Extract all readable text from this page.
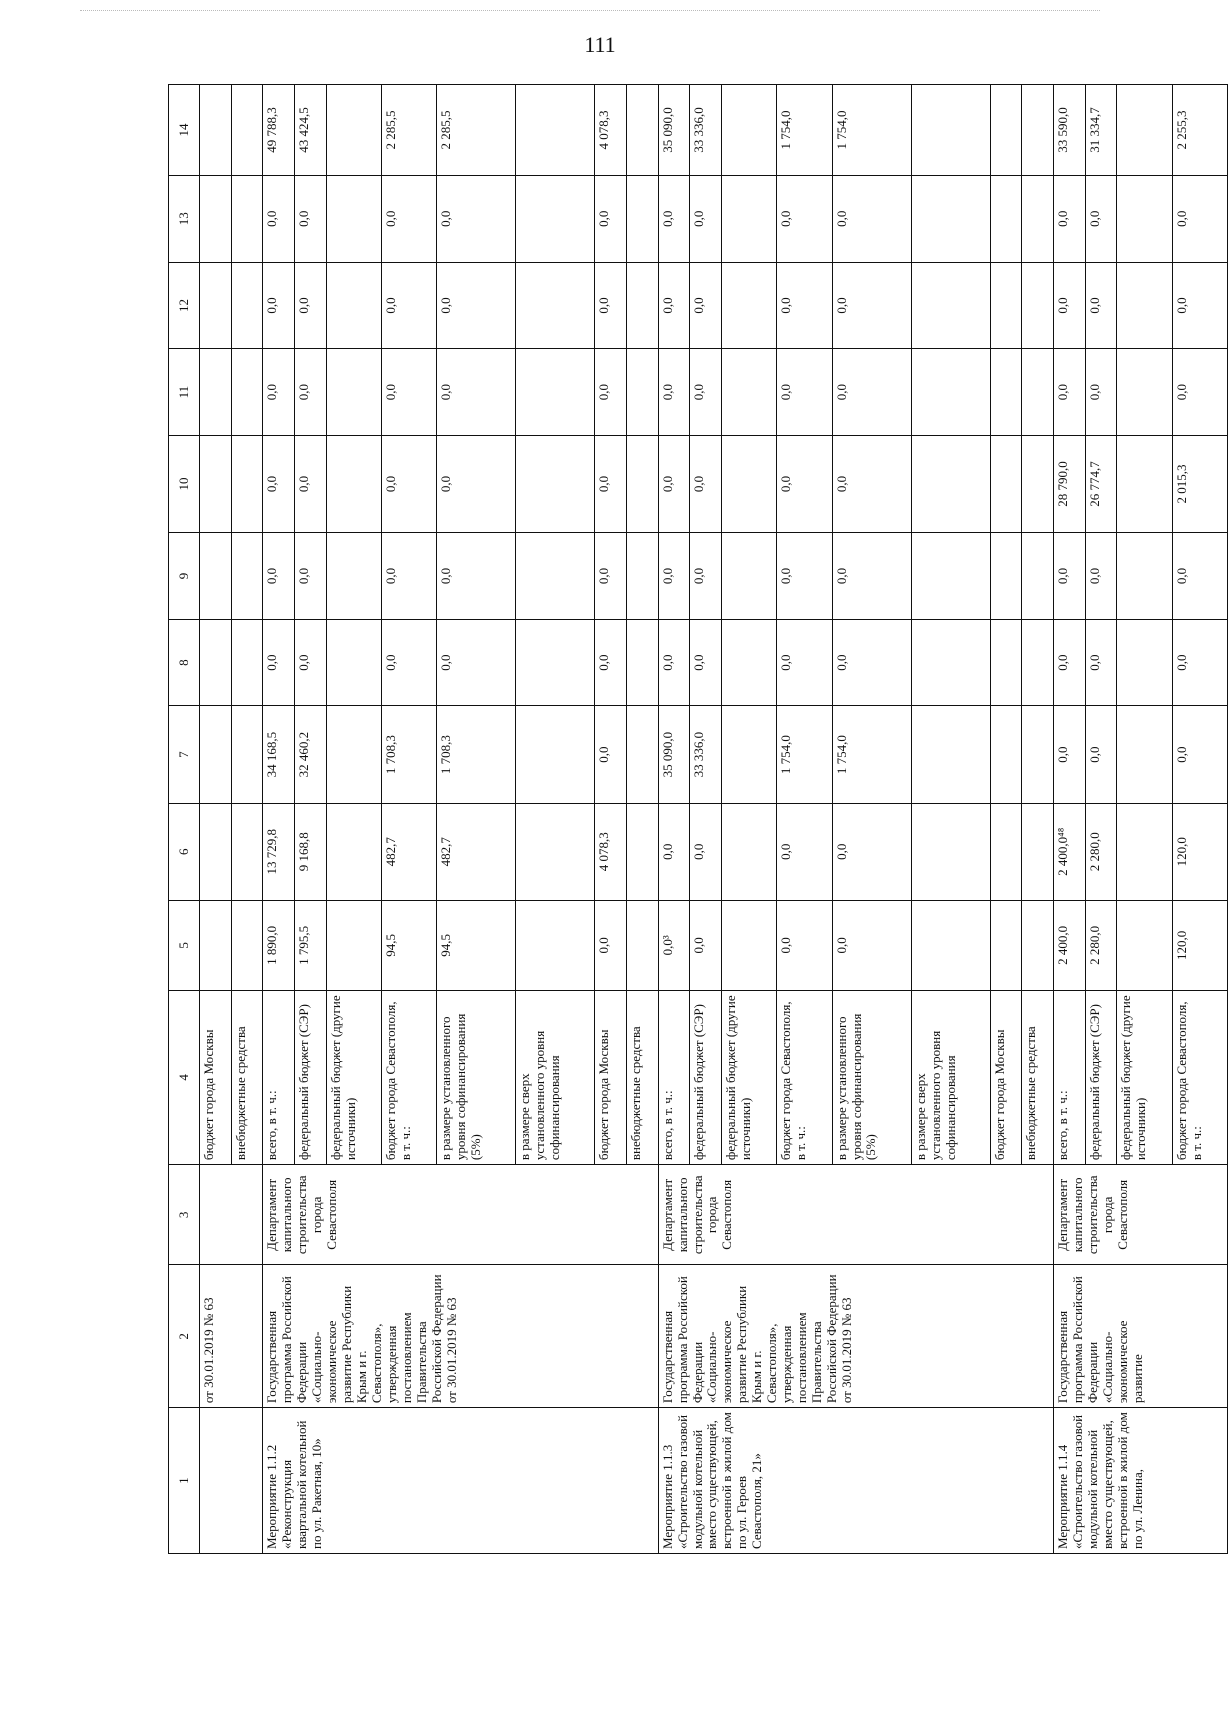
111
1	2	3	4	5	6	7	8	9	10	11	12	13	14
	от 30.01.2019 № 63		бюджет города Москвы										
			внебюджетные средства										
Мероприятие 1.1.2 «Реконструкция квартальной котельной по ул. Ракетная, 10»	Государственная программа Российской Федерации «Социально-экономическое развитие Республики Крым и г. Севастополя», утвержденная постановлением Правительства Российской Федерации от 30.01.2019 № 63	Департамент капитального строительства города Севастополя	всего, в т. ч.:	1 890,0	13 729,8	34 168,5	0,0	0,0	0,0	0,0	0,0	0,0	49 788,3
			федеральный бюджет (СЭР)	1 795,5	9 168,8	32 460,2	0,0	0,0	0,0	0,0	0,0	0,0	43 424,5
			федеральный бюджет (другие источники)										
			бюджет города Севастополя, в т. ч.:	94,5	482,7	1 708,3	0,0	0,0	0,0	0,0	0,0	0,0	2 285,5
			в размере установленного уровня софинансирования (5%)	94,5	482,7	1 708,3	0,0	0,0	0,0	0,0	0,0	0,0	2 285,5
			в размере сверх установленного уровня софинансирования										
			бюджет города Москвы	0,0	4 078,3	0,0	0,0	0,0	0,0	0,0	0,0	0,0	4 078,3
			внебюджетные средства										
Мероприятие 1.1.3 «Строительство газовой модульной котельной вместо существующей, встроенной в жилой дом по ул. Героев Севастополя, 21»	Государственная программа Российской Федерации «Социально-экономическое развитие Республики Крым и г. Севастополя», утвержденная постановлением Правительства Российской Федерации от 30.01.2019 № 63	Департамент капитального строительства города Севастополя	всего, в т. ч.:	0,0³	0,0	35 090,0	0,0	0,0	0,0	0,0	0,0	0,0	35 090,0
			федеральный бюджет (СЭР)	0,0	0,0	33 336,0	0,0	0,0	0,0	0,0	0,0	0,0	33 336,0
			федеральный бюджет (другие источники)										
			бюджет города Севастополя, в т. ч.:	0,0	0,0	1 754,0	0,0	0,0	0,0	0,0	0,0	0,0	1 754,0
			в размере установленного уровня софинансирования (5%)	0,0	0,0	1 754,0	0,0	0,0	0,0	0,0	0,0	0,0	1 754,0
			в размере сверх установленного уровня софинансирования										
			бюджет города Москвы										
			внебюджетные средства										
Мероприятие 1.1.4 «Строительство газовой модульной котельной вместо существующей, встроенной в жилой дом по ул. Ленина,	Государственная программа Российской Федерации «Социально-экономическое развитие	Департамент капитального строительства города Севастополя	всего, в т. ч.:	2 400,0	2 400,0⁴⁸	0,0	0,0	0,0	28 790,0	0,0	0,0	0,0	33 590,0
			федеральный бюджет (СЭР)	2 280,0	2 280,0	0,0	0,0	0,0	26 774,7	0,0	0,0	0,0	31 334,7
			федеральный бюджет (другие источники)										
			бюджет города Севастополя, в т. ч.:	120,0	120,0	0,0	0,0	0,0	2 015,3	0,0	0,0	0,0	2 255,3
